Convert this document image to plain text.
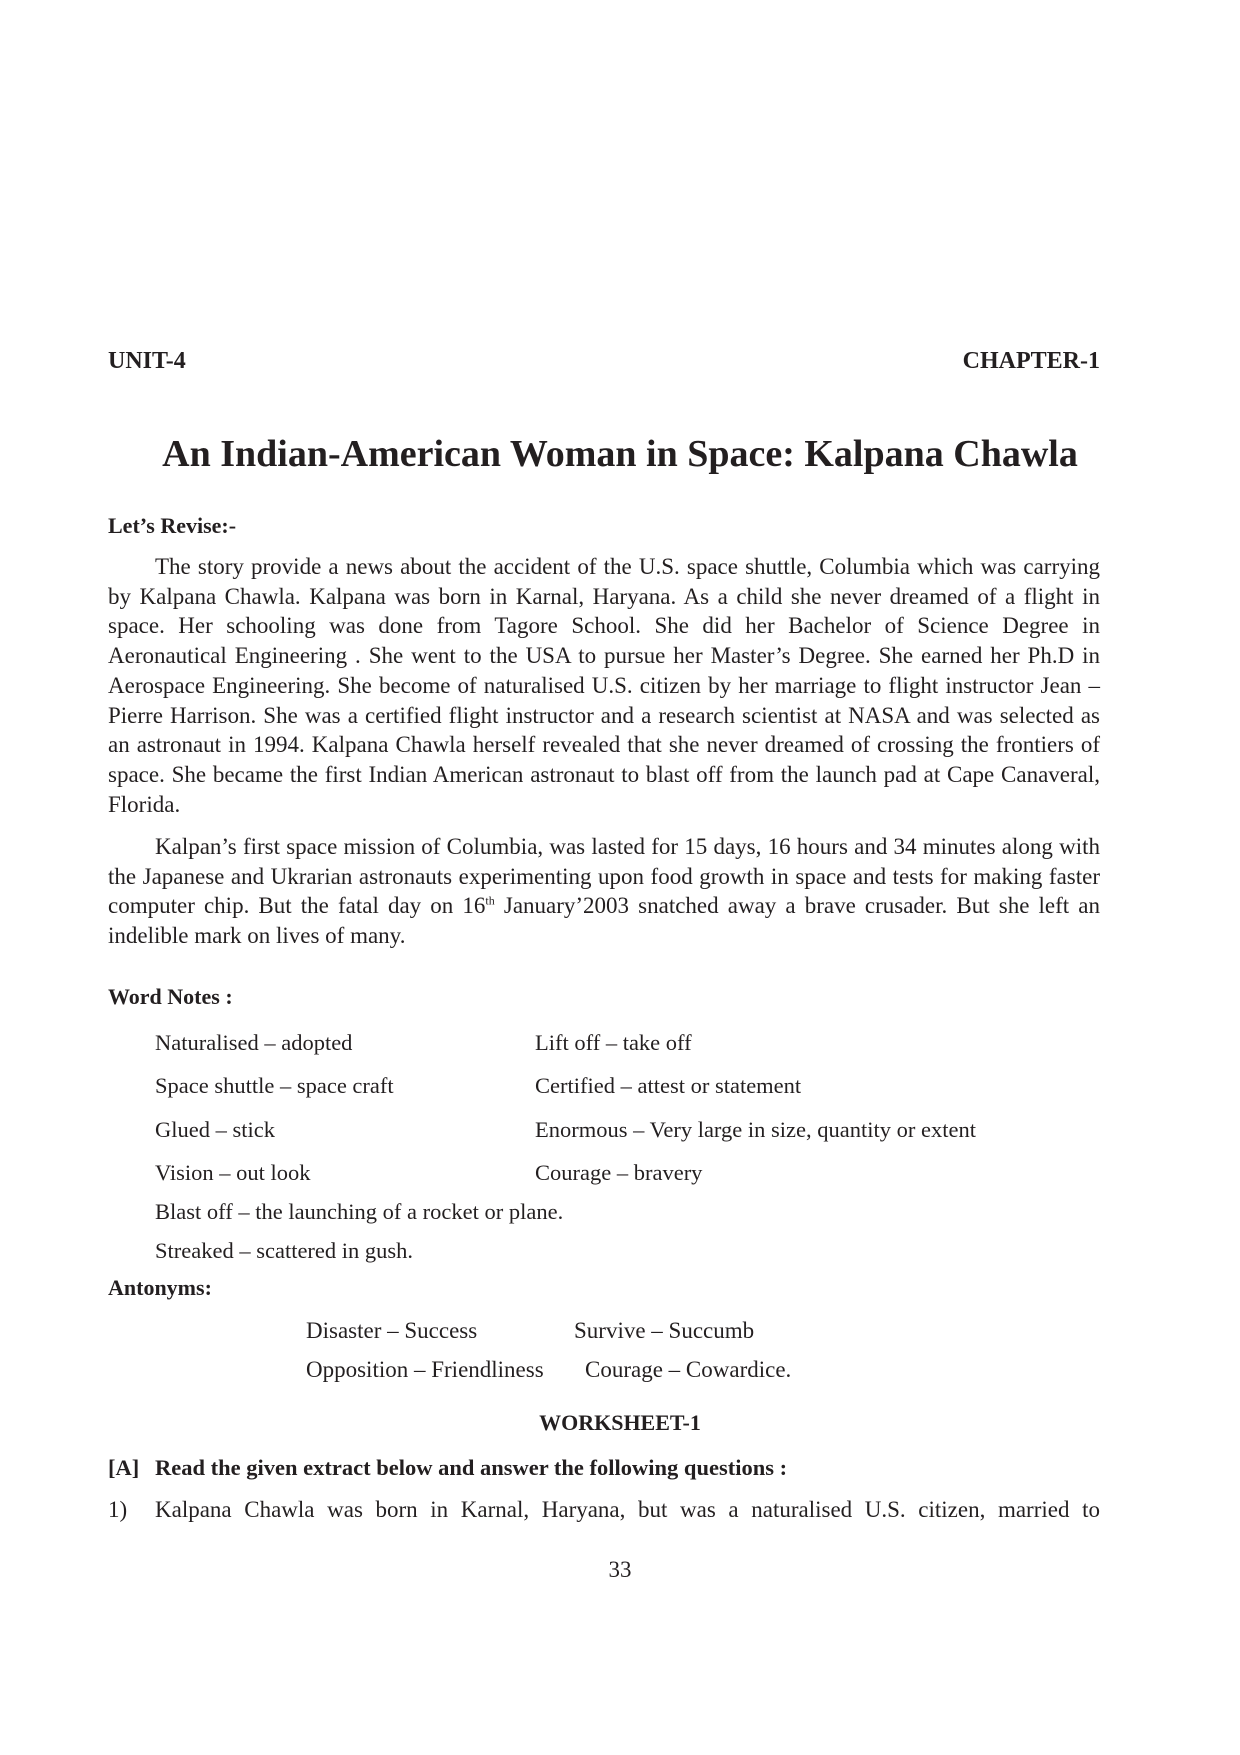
UNIT-4	CHAPTER-1
An Indian-American Woman in Space: Kalpana Chawla
Let’s Revise:-

The story provide a news about the accident of the U.S. space shuttle, Columbia which was carrying by Kalpana Chawla. Kalpana was born in Karnal, Haryana. As a child she never dreamed of a flight in space. Her schooling was done from Tagore School. She did her Bachelor of Science Degree in Aeronautical Engineering . She went to the USA to pursue her Master’s Degree. She earned her Ph.D in Aerospace Engineering. She become of naturalised U.S. citizen by her marriage to flight instructor Jean –Pierre Harrison. She was a certified flight instructor and a research scientist at NASA and was selected as an astronaut in 1994. Kalpana Chawla herself revealed that she never dreamed of crossing the frontiers of space. She became the first Indian American astronaut to blast off from the launch pad at Cape Canaveral, Florida.

Kalpan’s first space mission of Columbia, was lasted for 15 days, 16 hours and 34 minutes along with the Japanese and Ukrarian astronauts experimenting upon food growth in space and tests for making faster computer chip. But the fatal day on 16th January’2003 snatched away a brave crusader. But she left an indelible mark on lives of many.

Word Notes :
Naturalised – adopted	Lift off – take off
Space shuttle – space craft	Certified – attest or statement
Glued – stick	Enormous – Very large in size, quantity or extent
Vision – out look	Courage – bravery
Blast off – the launching of a rocket or plane.
Streaked – scattered in gush.
Antonyms:
Disaster – Success	Survive – Succumb
Opposition – Friendliness Courage – Cowardice.
WORKSHEET-1
[A] Read the given extract below and answer the following questions :
1) Kalpana Chawla was born in Karnal, Haryana, but was a naturalised U.S. citizen, married to
33
